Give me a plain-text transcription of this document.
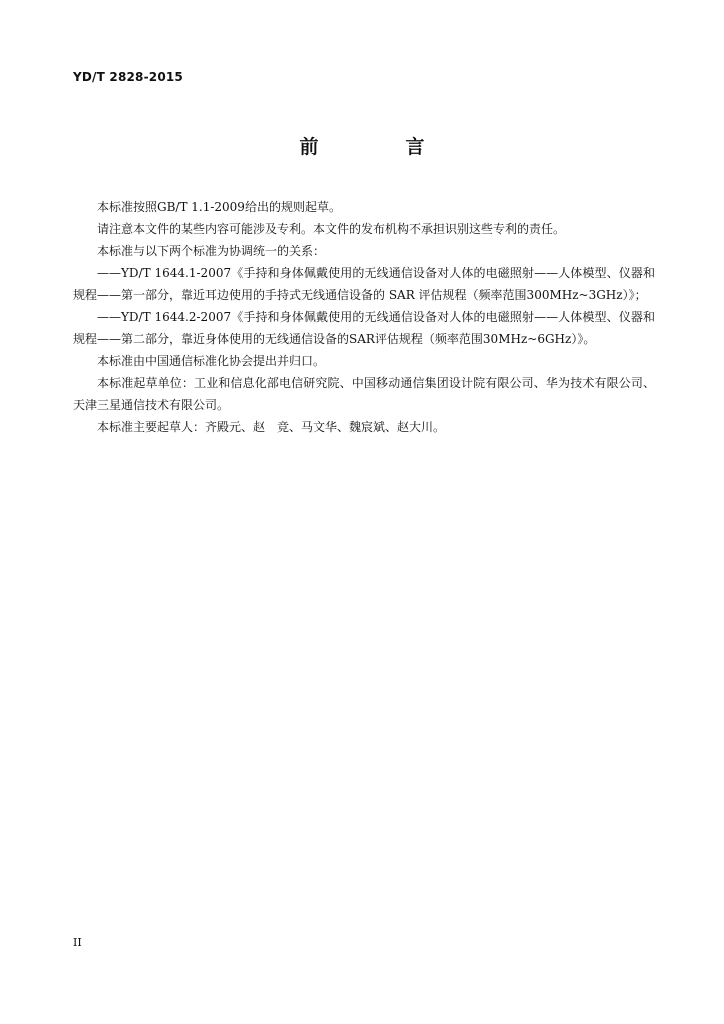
YD/T 2828-2015

前　言

本标准按照GB/T 1.1-2009给出的规则起草。

请注意本文件的某些内容可能涉及专利。本文件的发布机构不承担识别这些专利的责任。

本标准与以下两个标准为协调统一的关系：

——YD/T 1644.1-2007《手持和身体佩戴使用的无线通信设备对人体的电磁照射——人体模型、仪器和规程——第一部分，靠近耳边使用的手持式无线通信设备的 SAR 评估规程（频率范围300MHz~3GHz）》；

——YD/T 1644.2-2007《手持和身体佩戴使用的无线通信设备对人体的电磁照射——人体模型、仪器和规程——第二部分，靠近身体使用的无线通信设备的SAR评估规程（频率范围30MHz~6GHz）》。

本标准由中国通信标准化协会提出并归口。

本标准起草单位：工业和信息化部电信研究院、中国移动通信集团设计院有限公司、华为技术有限公司、天津三星通信技术有限公司。

本标准主要起草人：齐殿元、赵　竞、马文华、魏宸斌、赵大川。

II
